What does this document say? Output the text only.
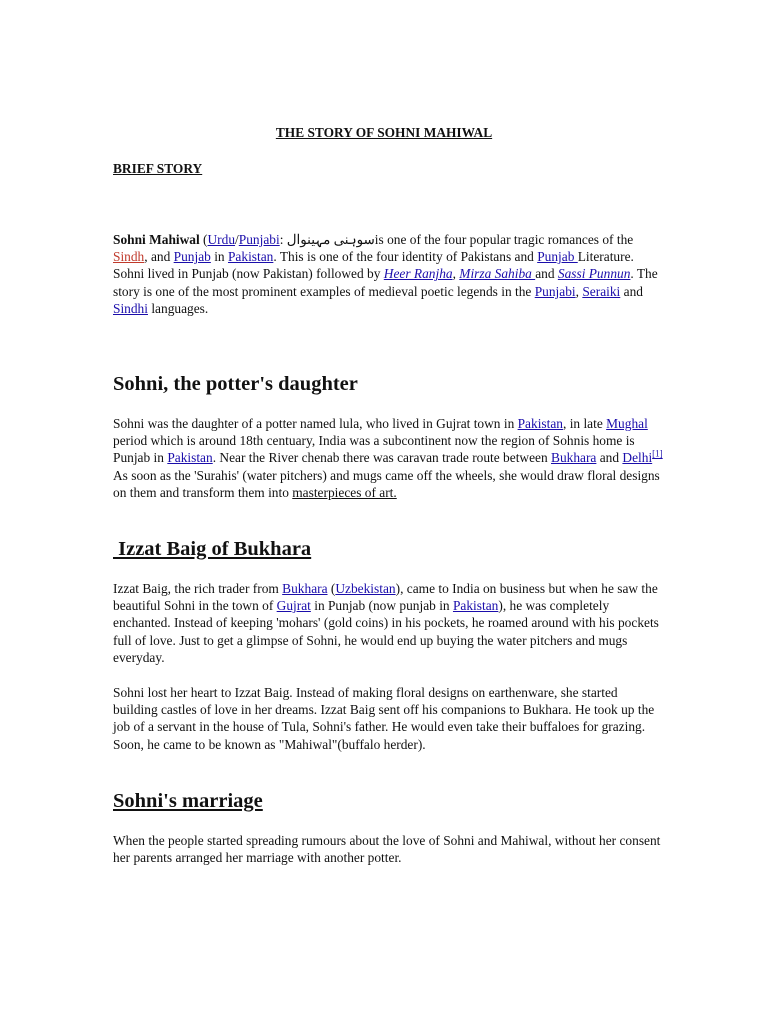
THE STORY OF SOHNI MAHIWAL
BRIEF STORY

Sohni Mahiwal (Urdu/Punjabi: سوہنی مہینوالis one of the four popular tragic romances of the Sindh, and Punjab in Pakistan. This is one of the four identity of Pakistans and Punjab Literature. Sohni lived in Punjab (now Pakistan) followed by Heer Ranjha, Mirza Sahiba and Sassi Punnun. The story is one of the most prominent examples of medieval poetic legends in the Punjabi, Seraiki and Sindhi languages.

Sohni, the potter's daughter

Sohni was the daughter of a potter named lula, who lived in Gujrat town in Pakistan, in late Mughal period which is around 18th centuary, India was a subcontinent now the region of Sohnis home is Punjab in Pakistan. Near the River chenab there was caravan trade route between Bukhara and Delhi[1] As soon as the 'Surahis' (water pitchers) and mugs came off the wheels, she would draw floral designs on them and transform them into masterpieces of art.

Izzat Baig of Bukhara

Izzat Baig, the rich trader from Bukhara (Uzbekistan), came to India on business but when he saw the beautiful Sohni in the town of Gujrat in Punjab (now punjab in Pakistan), he was completely enchanted. Instead of keeping 'mohars' (gold coins) in his pockets, he roamed around with his pockets full of love. Just to get a glimpse of Sohni, he would end up buying the water pitchers and mugs everyday.

Sohni lost her heart to Izzat Baig. Instead of making floral designs on earthenware, she started building castles of love in her dreams. Izzat Baig sent off his companions to Bukhara. He took up the job of a servant in the house of Tula, Sohni's father. He would even take their buffaloes for grazing. Soon, he came to be known as "Mahiwal"(buffalo herder).

Sohni's marriage

When the people started spreading rumours about the love of Sohni and Mahiwal, without her consent her parents arranged her marriage with another potter.
